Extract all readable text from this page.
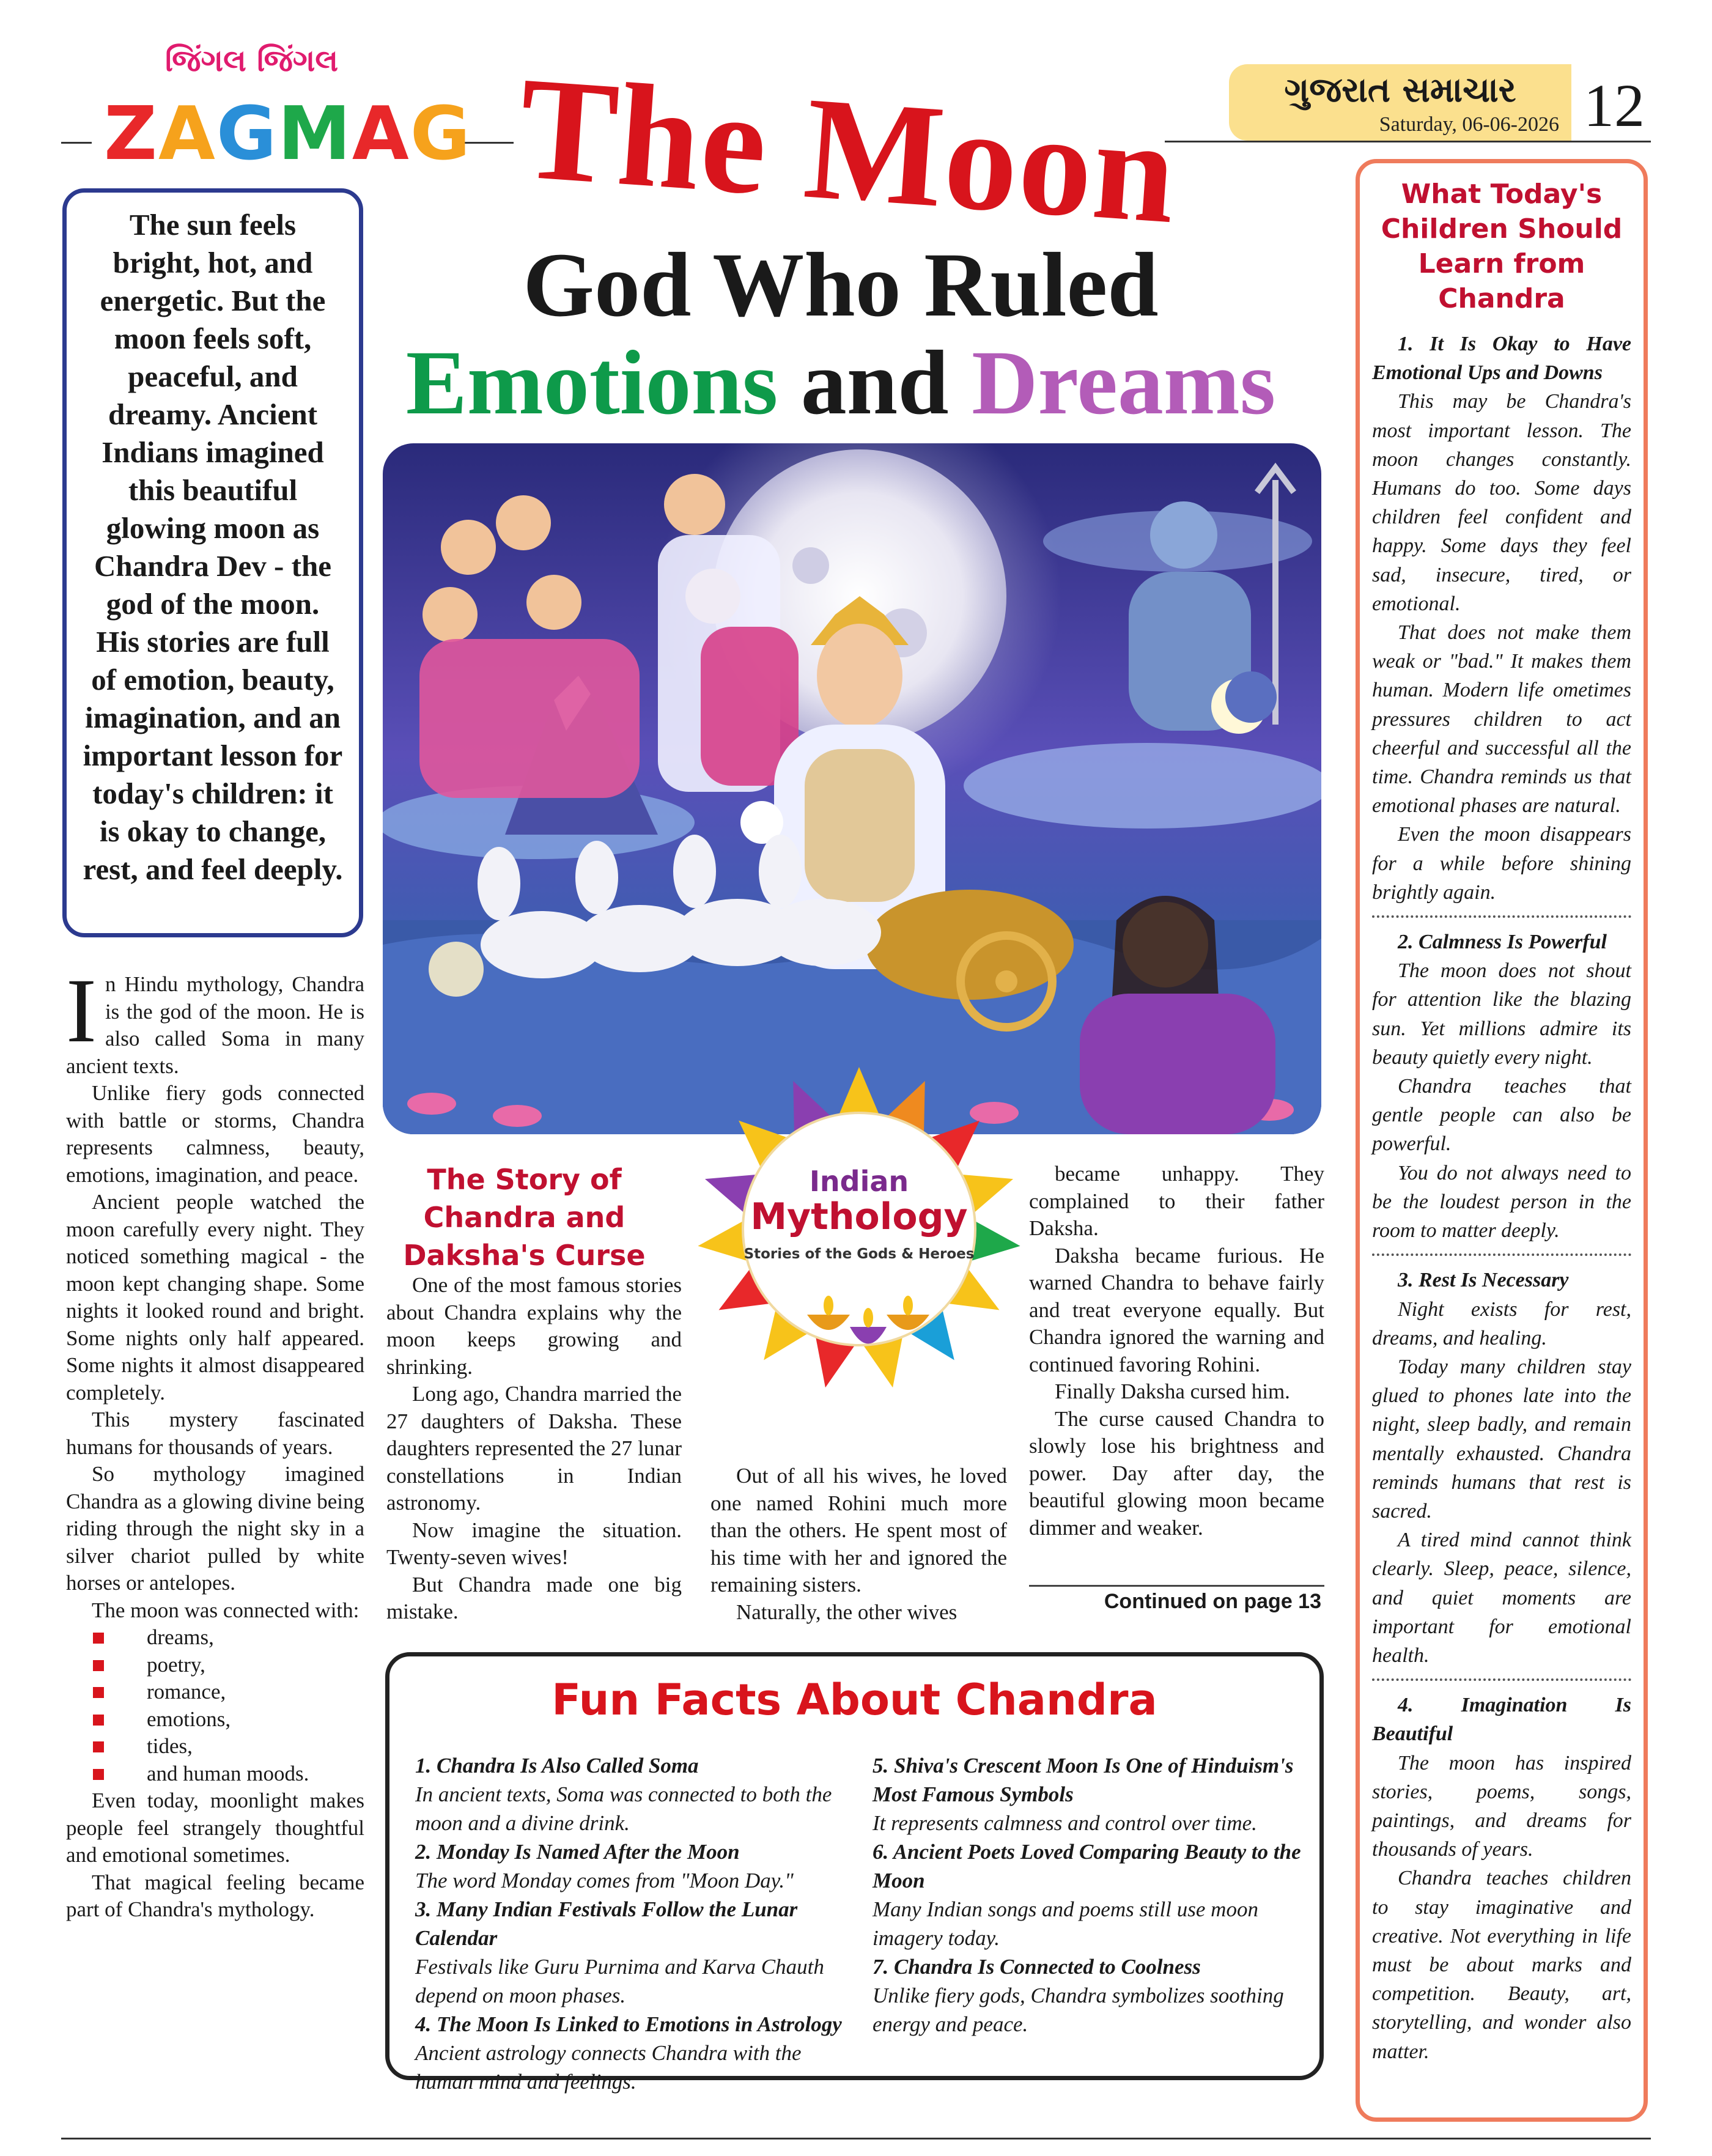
જિંગલ જિંગલ
ZAGMAG The Moon
God Who Ruled
Emotions and Dreams
ગુજરાત સમાચાર
Saturday, 06-06-2026 12
The sun feels bright, hot, and energetic. But the moon feels soft, peaceful, and dreamy. Ancient Indians imagined this beautiful glowing moon as Chandra Dev - the god of the moon. His stories are full of emotion, beauty, imagination, and an important lesson for today's children: it is okay to change, rest, and feel deeply.

In Hindu mythology, Chandra is the god of the moon. He is also called Soma in many ancient texts.

Unlike fiery gods connected with battle or storms, Chandra represents calmness, beauty, emotions, imagination, and peace.

Ancient people watched the moon carefully every night. They noticed something magical - the moon kept changing shape. Some nights it looked round and bright. Some nights only half appeared. Some nights it almost disappeared completely.

This mystery fascinated humans for thousands of years.

So mythology imagined Chandra as a glowing divine being riding through the night sky in a silver chariot pulled by white horses or antelopes.

The moon was connected with:

dreams,
poetry,
romance,
emotions,
tides,
and human moods.

Even today, moonlight makes people feel strangely thoughtful and emotional sometimes.

That magical feeling became part of Chandra's mythology.

The Story of Chandra and Daksha's Curse

One of the most famous stories about Chandra explains why the moon keeps growing and shrinking.

Long ago, Chandra married the 27 daughters of Daksha. These daughters represented the 27 lunar constellations in Indian astronomy.

Now imagine the situation. Twenty-seven wives!

But Chandra made one big mistake.

Out of all his wives, he loved one named Rohini much more than the others. He spent most of his time with her and ignored the remaining sisters.

Naturally, the other wives

became unhappy. They complained to their father Daksha.

Daksha became furious. He warned Chandra to behave fairly and treat everyone equally. But Chandra ignored the warning and continued favoring Rohini.

Finally Daksha cursed him.

The curse caused Chandra to slowly lose his brightness and power. Day after day, the beautiful glowing moon became dimmer and weaker.

Continued on page 13
Indian
Mythology
Stories of the Gods & Heroes
Fun Facts About Chandra
1. Chandra Is Also Called Soma
In ancient texts, Soma was connected to both the moon and a divine drink.
2. Monday Is Named After the Moon
The word Monday comes from "Moon Day."
3. Many Indian Festivals Follow the Lunar Calendar
Festivals like Guru Purnima and Karva Chauth depend on moon phases.
4. The Moon Is Linked to Emotions in Astrology
Ancient astrology connects Chandra with the human mind and feelings.
5. Shiva's Crescent Moon Is One of Hinduism's Most Famous Symbols
It represents calmness and control over time.
6. Ancient Poets Loved Comparing Beauty to the Moon
Many Indian songs and poems still use moon imagery today.
7. Chandra Is Connected to Coolness
Unlike fiery gods, Chandra symbolizes soothing energy and peace.
What Today's Children Should Learn from Chandra
1. It Is Okay to Have Emotional Ups and Downs

This may be Chandra's most important lesson. The moon changes constantly. Humans do too. Some days children feel confident and happy. Some days they feel sad, insecure, tired, or emotional.

That does not make them weak or "bad." It makes them human. Modern life ometimes pressures children to act cheerful and successful all the time. Chandra reminds us that emotional phases are natural.

Even the moon disappears for a while before shining brightly again.

2. Calmness Is Powerful

The moon does not shout for attention like the blazing sun. Yet millions admire its beauty quietly every night.

Chandra teaches that gentle people can also be powerful.

You do not always need to be the loudest person in the room to matter deeply.

3. Rest Is Necessary

Night exists for rest, dreams, and healing.

Today many children stay glued to phones late into the night, sleep badly, and remain mentally exhausted. Chandra reminds humans that rest is sacred.

A tired mind cannot think clearly. Sleep, peace, silence, and quiet moments are important for emotional health.

4. Imagination Is Beautiful

The moon has inspired stories, poems, songs, paintings, and dreams for thousands of years.

Chandra teaches children to stay imaginative and creative. Not everything in life must be about marks and competition. Beauty, art, storytelling, and wonder also matter.
